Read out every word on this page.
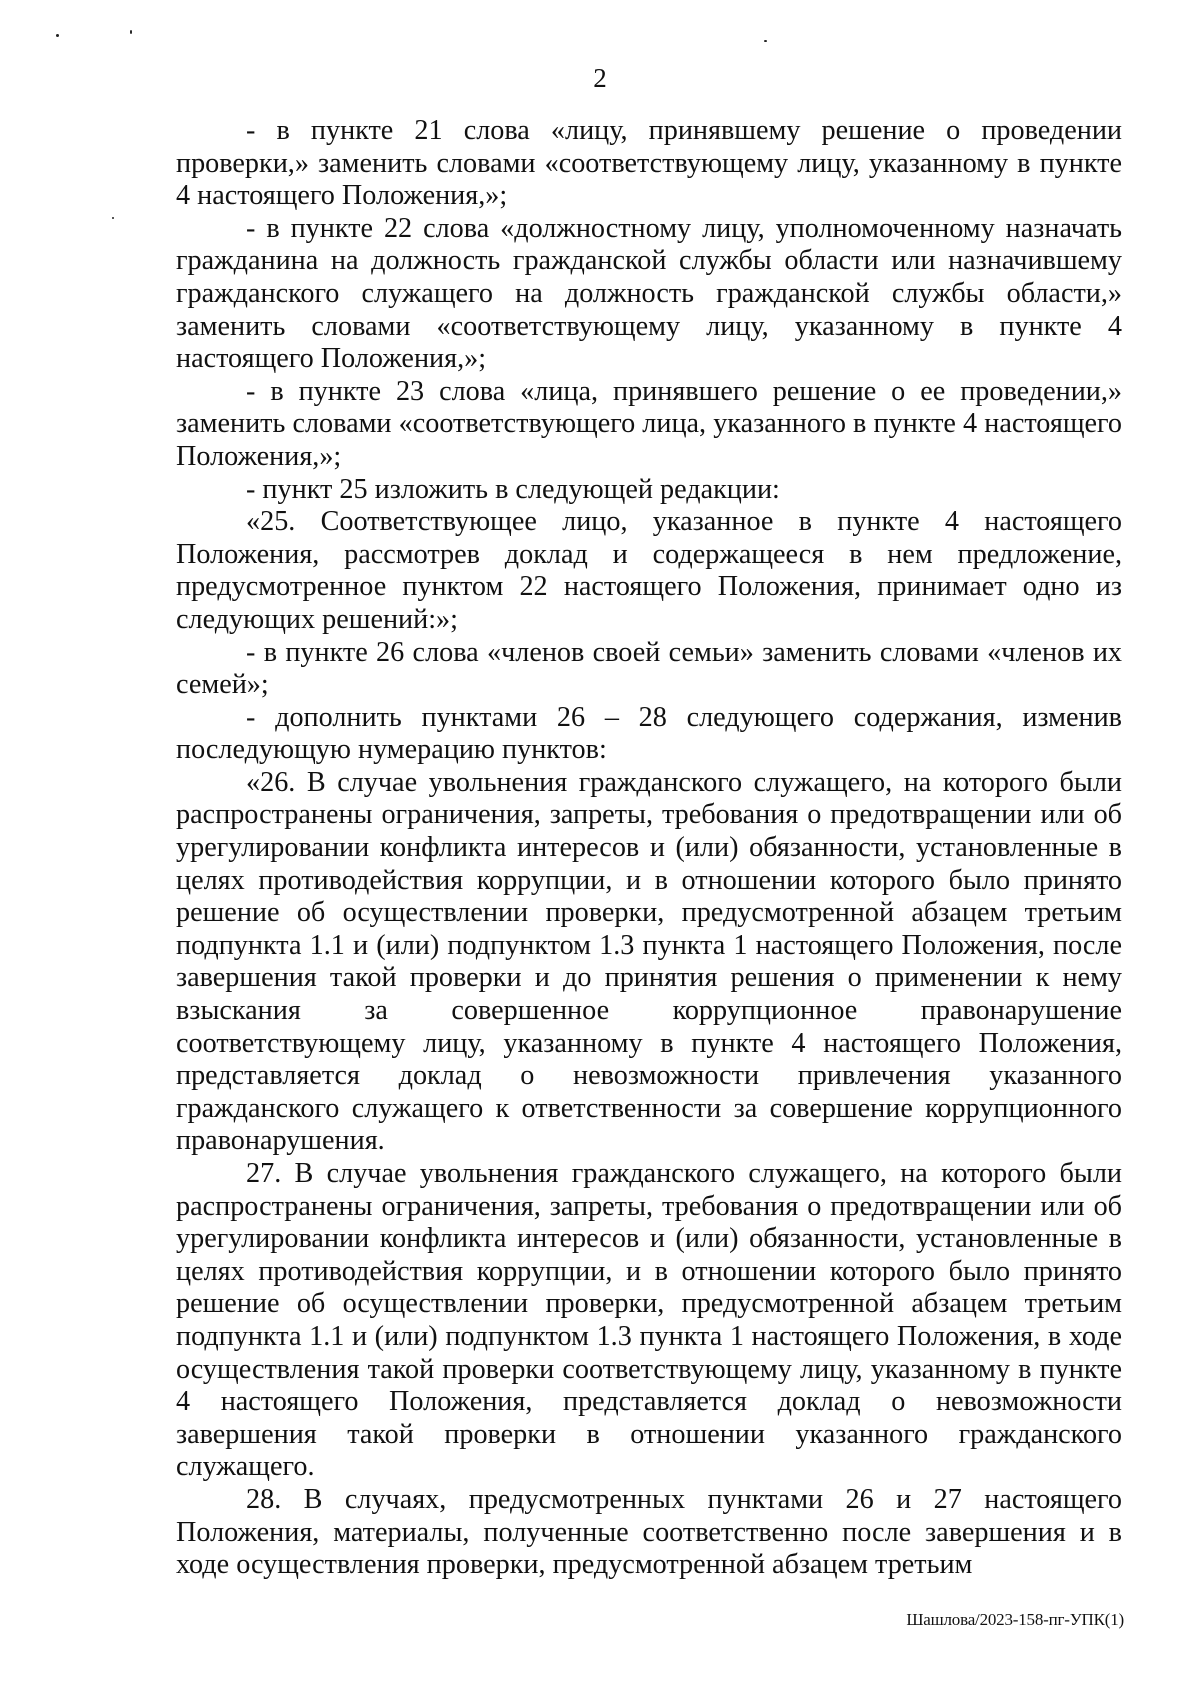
2

- в пункте 21 слова «лицу, принявшему решение о проведении проверки,» заменить словами «соответствующему лицу, указанному в пункте 4 настоящего Положения,»;

- в пункте 22 слова «должностному лицу, уполномоченному назначать гражданина на должность гражданской службы области или назначившему гражданского служащего на должность гражданской службы области,» заменить словами «соответствующему лицу, указанному в пункте 4 настоящего Положения,»;

- в пункте 23 слова «лица, принявшего решение о ее проведении,» заменить словами «соответствующего лица, указанного в пункте 4 настоящего Положения,»;

- пункт 25 изложить в следующей редакции:

«25. Соответствующее лицо, указанное в пункте 4 настоящего Положения, рассмотрев доклад и содержащееся в нем предложение, предусмотренное пунктом 22 настоящего Положения, принимает одно из следующих решений:»;

- в пункте 26 слова «членов своей семьи» заменить словами «членов их семей»;

- дополнить пунктами 26 – 28 следующего содержания, изменив последующую нумерацию пунктов:

«26. В случае увольнения гражданского служащего, на которого были распространены ограничения, запреты, требования о предотвращении или об урегулировании конфликта интересов и (или) обязанности, установленные в целях противодействия коррупции, и в отношении которого было принято решение об осуществлении проверки, предусмотренной абзацем третьим подпункта 1.1 и (или) подпунктом 1.3 пункта 1 настоящего Положения, после завершения такой проверки и до принятия решения о применении к нему взыскания за совершенное коррупционное правонарушение соответствующему лицу, указанному в пункте 4 настоящего Положения, представляется доклад о невозможности привлечения указанного гражданского служащего к ответственности за совершение коррупционного правонарушения.

27. В случае увольнения гражданского служащего, на которого были распространены ограничения, запреты, требования о предотвращении или об урегулировании конфликта интересов и (или) обязанности, установленные в целях противодействия коррупции, и в отношении которого было принято решение об осуществлении проверки, предусмотренной абзацем третьим подпункта 1.1 и (или) подпунктом 1.3 пункта 1 настоящего Положения, в ходе осуществления такой проверки соответствующему лицу, указанному в пункте 4 настоящего Положения, представляется доклад о невозможности завершения такой проверки в отношении указанного гражданского служащего.

28. В случаях, предусмотренных пунктами 26 и 27 настоящего Положения, материалы, полученные соответственно после завершения и в ходе осуществления проверки, предусмотренной абзацем третьим

Шашлова/2023-158-пг-УПК(1)
